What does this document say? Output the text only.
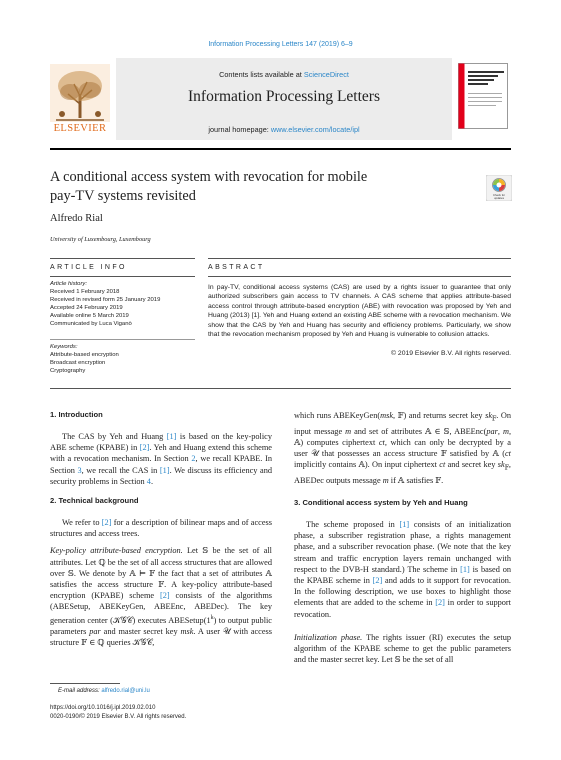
Information Processing Letters 147 (2019) 6–9
Contents lists available at ScienceDirect
Information Processing Letters
journal homepage: www.elsevier.com/locate/ipl
ELSEVIER
A conditional access system with revocation for mobile
pay-TV systems revisited	Check for
updates
Alfredo Rial
University of Luxembourg, Luxembourg
ARTICLE INFO	ABSTRACT
Article history:
Received 1 February 2018
Received in revised form 25 January 2019
Accepted 24 February 2019
Available online 5 March 2019
Communicated by Luca Viganò
Keywords:
Attribute-based encryption
Broadcast encryption
Cryptography
In pay-TV, conditional access systems (CAS) are used by a rights issuer to guarantee that only authorized subscribers gain access to TV channels. A CAS scheme that applies attribute-based access control through attribute-based encryption (ABE) with revocation was proposed by Yeh and Huang (2013) [1]. Yeh and Huang extend an existing ABE scheme with a revocation mechanism. We show that the CAS by Yeh and Huang has security and efficiency problems. Particularly, we show that the revocation mechanism proposed by Yeh and Huang is vulnerable to collusion attacks.
© 2019 Elsevier B.V. All rights reserved.
1. Introduction

The CAS by Yeh and Huang [1] is based on the key-policy ABE scheme (KPABE) in [2]. Yeh and Huang extend this scheme with a revocation mechanism. In Section 2, we recall KPABE. In Section 3, we recall the CAS in [1]. We discuss its efficiency and security problems in Section 4.

2. Technical background

We refer to [2] for a description of bilinear maps and of access structures and access trees.

Key-policy attribute-based encryption. Let 𝕊 be the set of all attributes. Let ℚ be the set of all access structures that are allowed over 𝕊. We denote by 𝔸 ⊨ 𝔽 the fact that a set of attributes 𝔸 satisfies the access structure 𝔽. A key-policy attribute-based encryption (KPABE) scheme [2] consists of the algorithms (ABESetup, ABEKeyGen, ABEEnc, ABEDec). The key generation center (𝒦𝒢𝒞) executes ABESetup(1$^k$) to output public parameters par and master secret key msk. A user 𝒰 with access structure 𝔽 ∈ ℚ queries 𝒦𝒢𝒞,

E-mail address: alfredo.rial@uni.lu
https://doi.org/10.1016/j.ipl.2019.02.010
0020-0190/© 2019 Elsevier B.V. All rights reserved.

which runs ABEKeyGen(msk, 𝔽) and returns secret key $sk_𝔽$. On input message m and set of attributes 𝔸 ∈ 𝕊, ABEEnc(par, m, 𝔸) computes ciphertext ct, which can only be decrypted by a user 𝒰 that possesses an access structure 𝔽 satisfied by 𝔸 (ct implicitly contains 𝔸). On input ciphertext ct and secret key $sk_𝔽$, ABEDec outputs message m if 𝔸 satisfies 𝔽.

3. Conditional access system by Yeh and Huang

The scheme proposed in [1] consists of an initialization phase, a subscriber registration phase, a rights management phase, and a subscriber revocation phase. (We note that the key stream and traffic encryption layers remain unchanged with respect to the DVB-H standard.) The scheme in [1] is based on the KPABE scheme in [2] and adds to it support for revocation. In the following description, we use boxes to highlight those elements that are added to the scheme in [2] in order to support revocation.

Initialization phase. The rights issuer (RI) executes the setup algorithm of the KPABE scheme to get the public parameters and the master secret key. Let 𝕊 be the set of all
